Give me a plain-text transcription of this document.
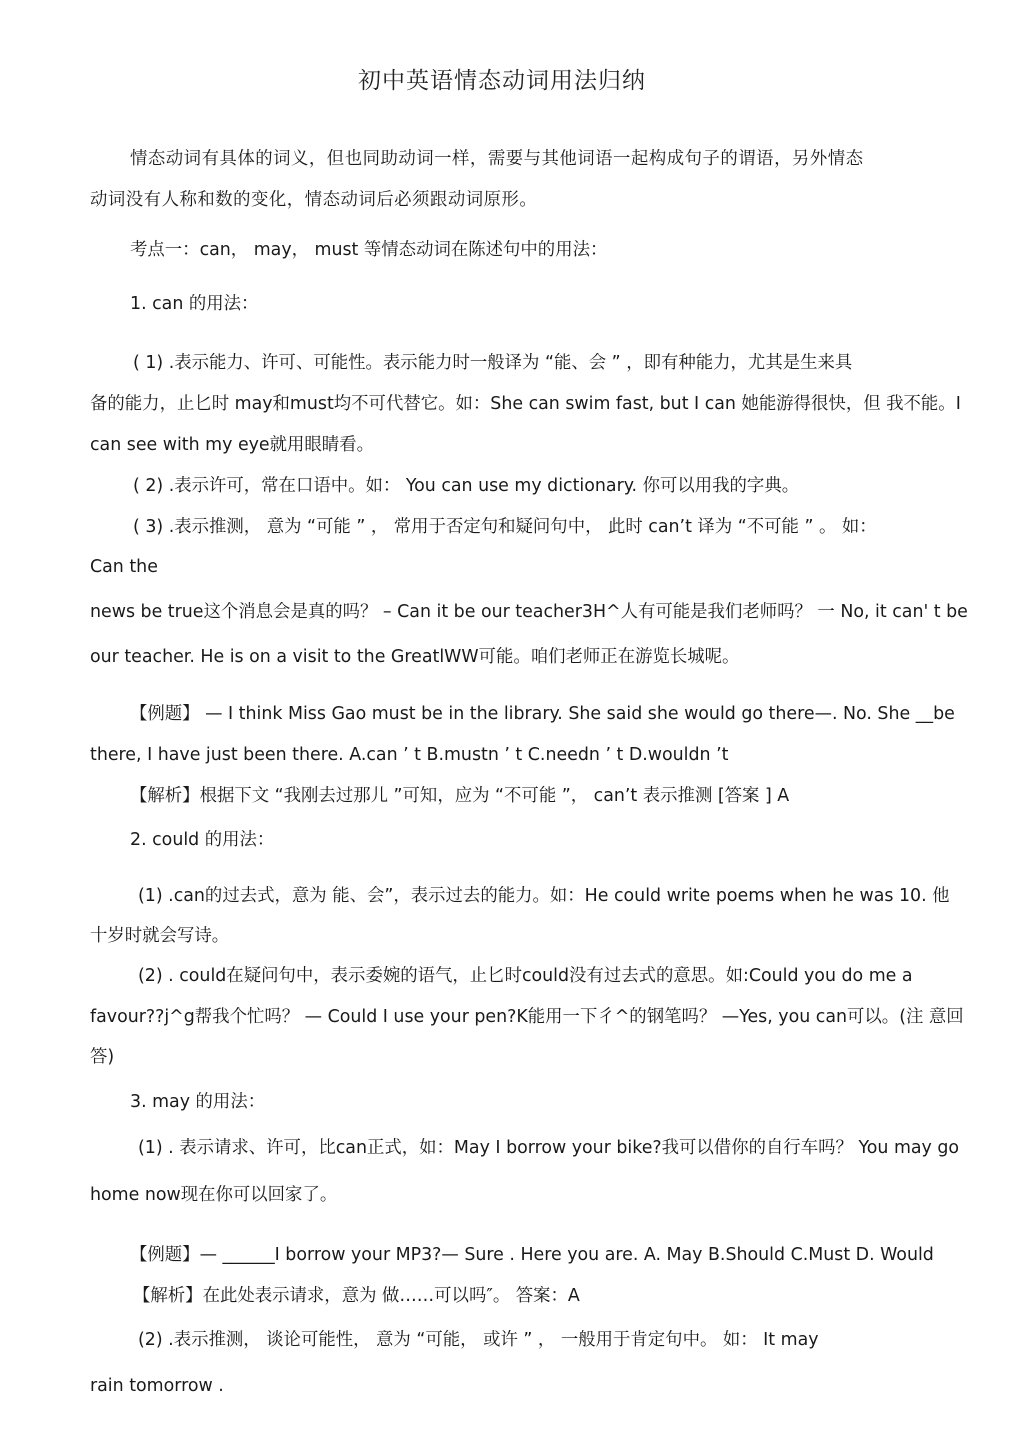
初中英语情态动词用法归纳
情态动词有具体的词义，但也同助动词一样，需要与其他词语一起构成句子的谓语，另外情态
动词没有人称和数的变化，情态动词后必须跟动词原形。
考点一：can， may， must 等情态动词在陈述句中的用法：
1. can 的用法：
( 1) .表示能力、许可、可能性。表示能力时一般译为 “能、会 ” ，即有种能力，尤其是生来具
备的能力，止匕时 may和must均不可代替它。如：She can swim fast, but I can 她能游得很快，但 我不能。I
can see with my eye就用眼睛看。
( 2) .表示许可，常在口语中。如： You can use my dictionary. 你可以用我的字典。
( 3) .表示推测， 意为 “可能 ” ， 常用于否定句和疑问句中， 此时 can’t 译为 “不可能 ” 。 如：
Can the
news be true这个消息会是真的吗？ – Can it be our teacher3H^人有可能是我们老师吗？ 一 No, it can' t be
our teacher. He is on a visit to the GreatlWW可能。咱们老师正在游览长城呢。
【例题】 — I think Miss Gao must be in the library. She said she would go there—. No. She __be
there, I have just been there. A.can ’ t B.mustn ’ t C.needn ’ t D.wouldn ’t
【解析】根据下文 “我刚去过那儿 ”可知，应为 “不可能 ”， can’t 表示推测 [答案 ] A
2. could 的用法：
(1) .can的过去式，意为 能、会”，表示过去的能力。如：He could write poems when he was 10. 他
十岁时就会写诗。
(2) . could在疑问句中，表示委婉的语气，止匕时could没有过去式的意思。如:Could you do me a
favour??j^g帮我个忙吗？ — Could I use your pen?K能用一下彳^的钢笔吗？ —Yes, you can可以。(注 意回
答)
3. may 的用法：
(1) . 表示请求、许可，比can正式，如：May I borrow your bike?我可以借你的自行车吗？ You may go
home now现在你可以回家了。
【例题】— ______I borrow your MP3?— Sure . Here you are. A. May B.Should C.Must D. Would
【解析】在此处表示请求，意为 做……可以吗″。 答案：A
(2) .表示推测， 谈论可能性， 意为 “可能， 或许 ” ， 一般用于肯定句中。 如： It may
rain tomorrow .
